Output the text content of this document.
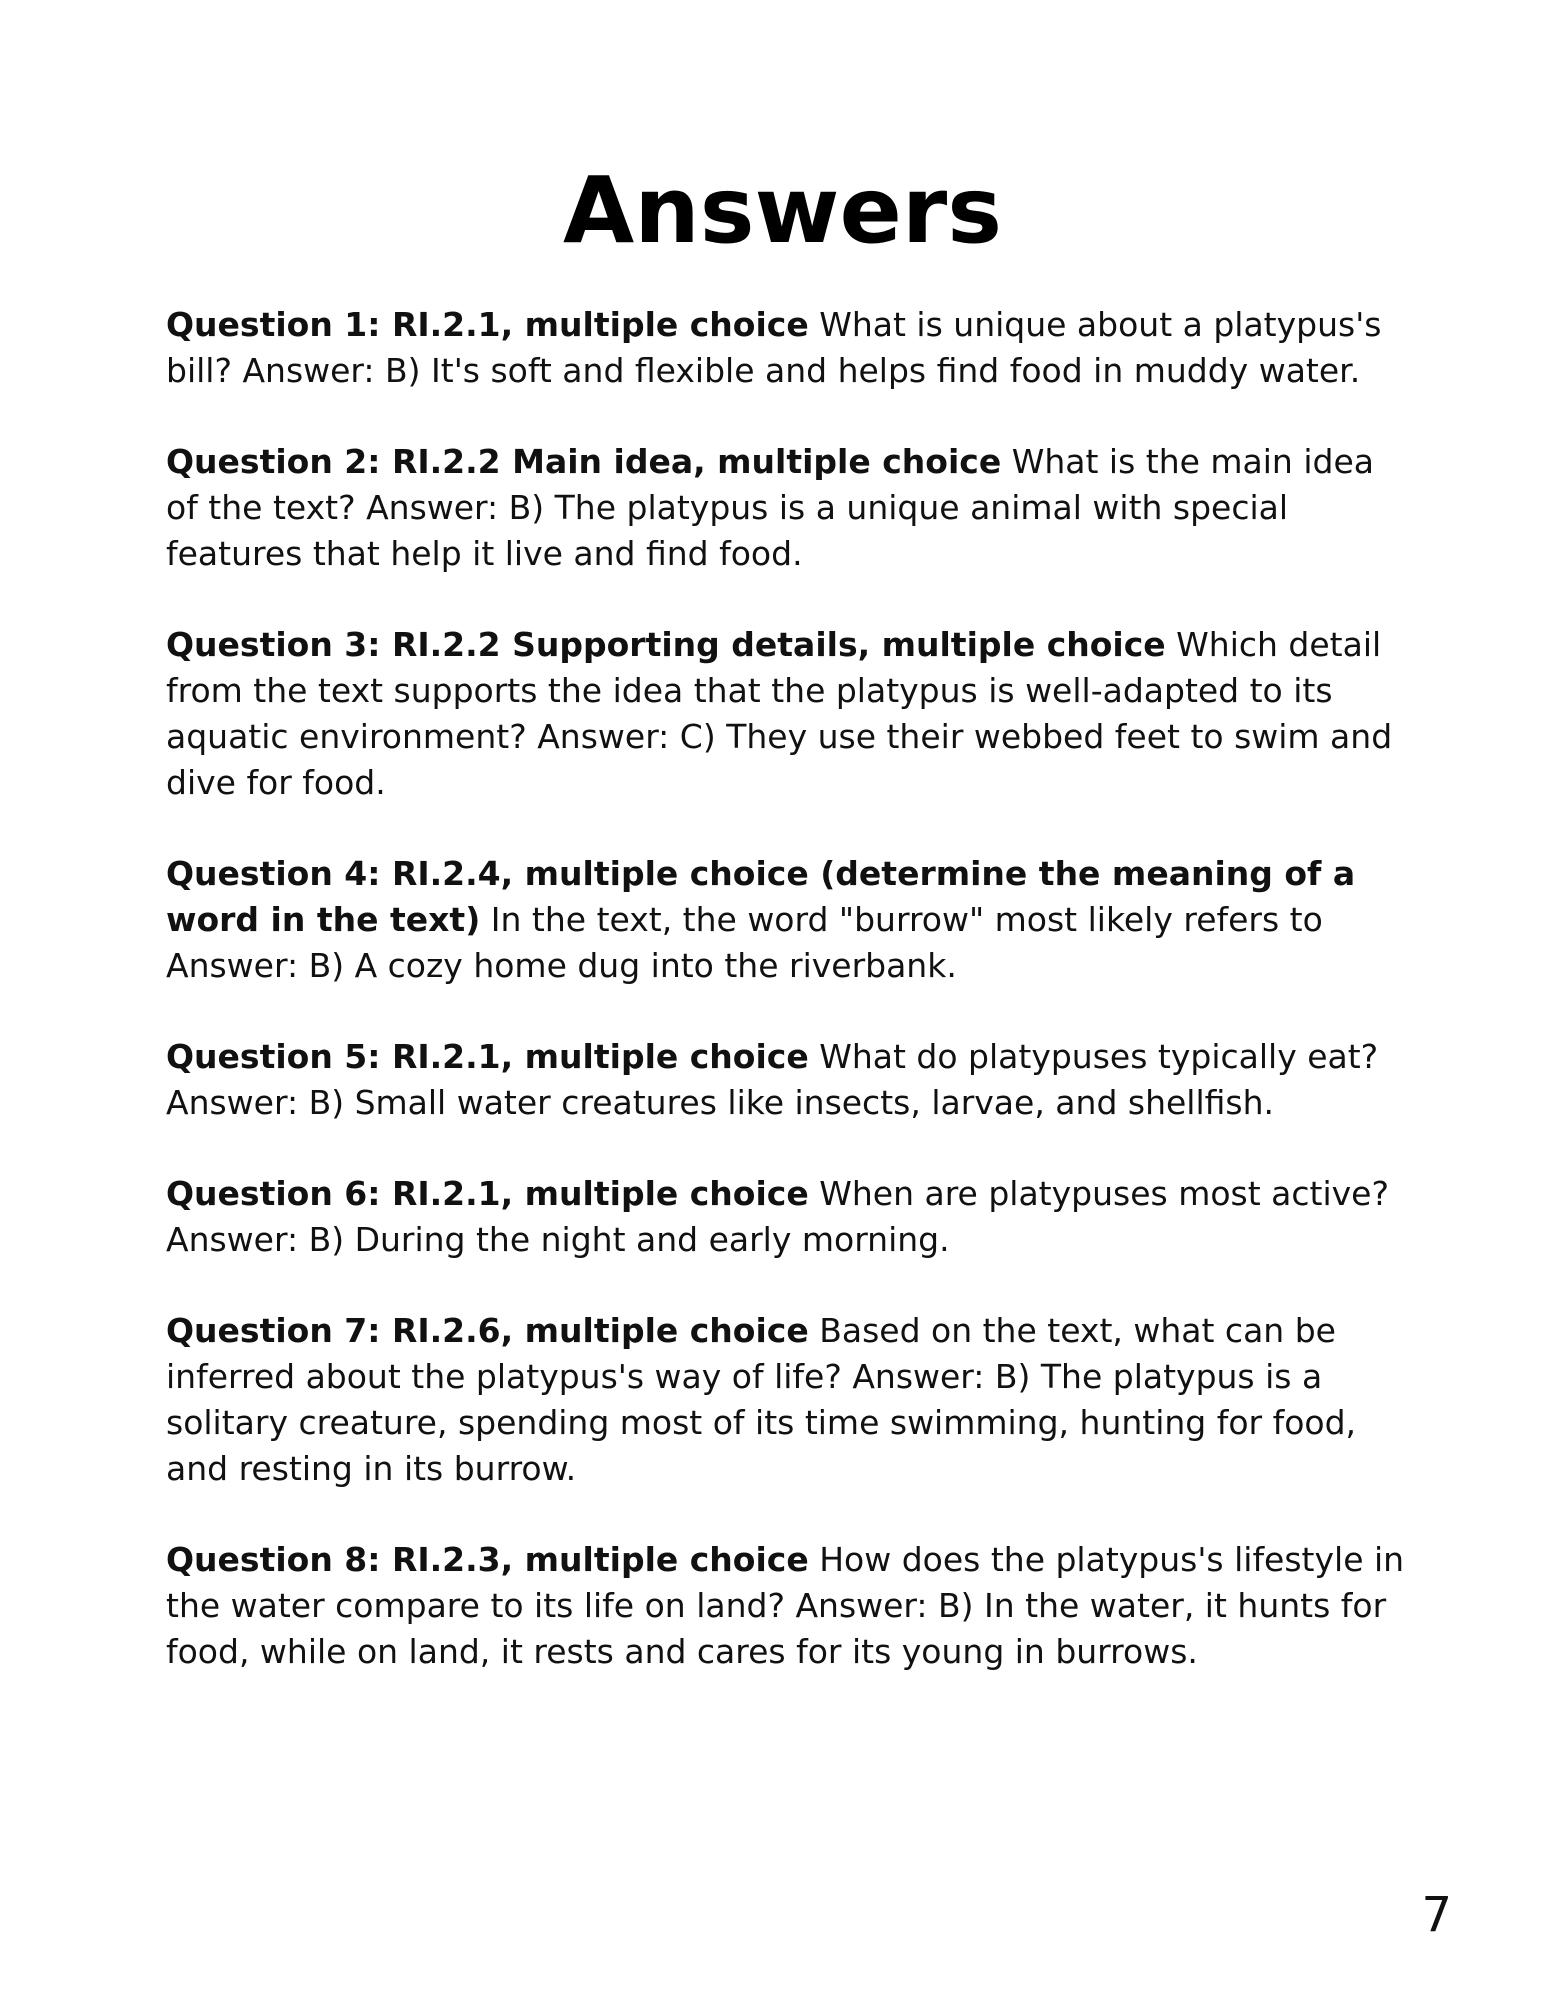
Answers

Question 1: RI.2.1, multiple choice What is unique about a platypus's bill? Answer: B) It's soft and flexible and helps find food in muddy water.

Question 2: RI.2.2 Main idea, multiple choice What is the main idea of the text? Answer: B) The platypus is a unique animal with special features that help it live and find food.

Question 3: RI.2.2 Supporting details, multiple choice Which detail from the text supports the idea that the platypus is well-adapted to its aquatic environment? Answer: C) They use their webbed feet to swim and dive for food.

Question 4: RI.2.4, multiple choice (determine the meaning of a word in the text) In the text, the word "burrow" most likely refers to Answer: B) A cozy home dug into the riverbank.

Question 5: RI.2.1, multiple choice What do platypuses typically eat? Answer: B) Small water creatures like insects, larvae, and shellfish.

Question 6: RI.2.1, multiple choice When are platypuses most active? Answer: B) During the night and early morning.

Question 7: RI.2.6, multiple choice Based on the text, what can be inferred about the platypus's way of life? Answer: B) The platypus is a solitary creature, spending most of its time swimming, hunting for food, and resting in its burrow.

Question 8: RI.2.3, multiple choice How does the platypus's lifestyle in the water compare to its life on land? Answer: B) In the water, it hunts for food, while on land, it rests and cares for its young in burrows.

7
